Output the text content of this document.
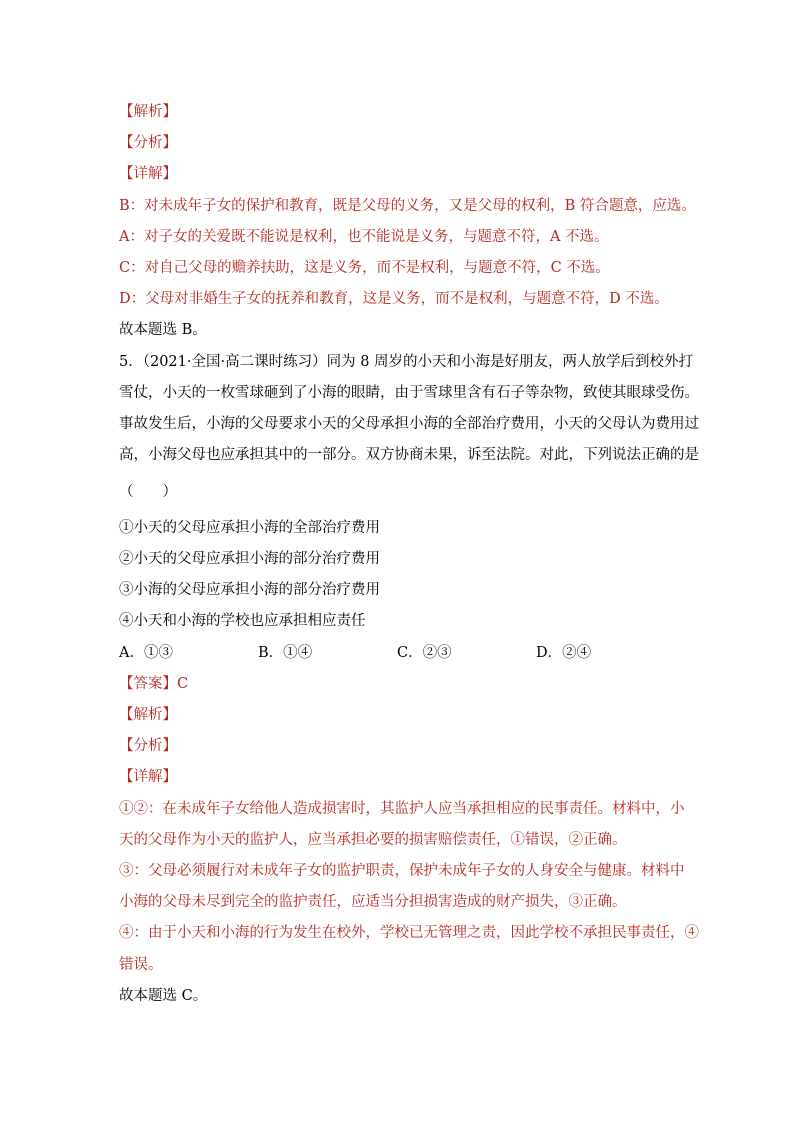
【解析】
【分析】
【详解】
B：对未成年子女的保护和教育，既是父母的义务，又是父母的权利，B 符合题意，应选。
A：对子女的关爱既不能说是权利，也不能说是义务，与题意不符，A 不选。
C：对自己父母的赡养扶助，这是义务，而不是权利，与题意不符，C 不选。
D：父母对非婚生子女的抚养和教育，这是义务，而不是权利，与题意不符，D 不选。
故本题选 B。
5．（2021·全国·高二课时练习）同为 8 周岁的小天和小海是好朋友，两人放学后到校外打
雪仗，小天的一枚雪球砸到了小海的眼睛，由于雪球里含有石子等杂物，致使其眼球受伤。
事故发生后，小海的父母要求小天的父母承担小海的全部治疗费用，小天的父母认为费用过
高，小海父母也应承担其中的一部分。双方协商未果，诉至法院。对此，下列说法正确的是
（　　）
①小天的父母应承担小海的全部治疗费用
②小天的父母应承担小海的部分治疗费用
③小海的父母应承担小海的部分治疗费用
④小天和小海的学校也应承担相应责任
A．①③	B．①④	C．②③	D．②④
【答案】C
【解析】
【分析】
【详解】
①②：在未成年子女给他人造成损害时，其监护人应当承担相应的民事责任。材料中，小
天的父母作为小天的监护人，应当承担必要的损害赔偿责任，①错误，②正确。
③：父母必须履行对未成年子女的监护职责，保护未成年子女的人身安全与健康。材料中
小海的父母未尽到完全的监护责任，应适当分担损害造成的财产损失，③正确。
④：由于小天和小海的行为发生在校外，学校已无管理之责，因此学校不承担民事责任，④
错误。
故本题选 C。
